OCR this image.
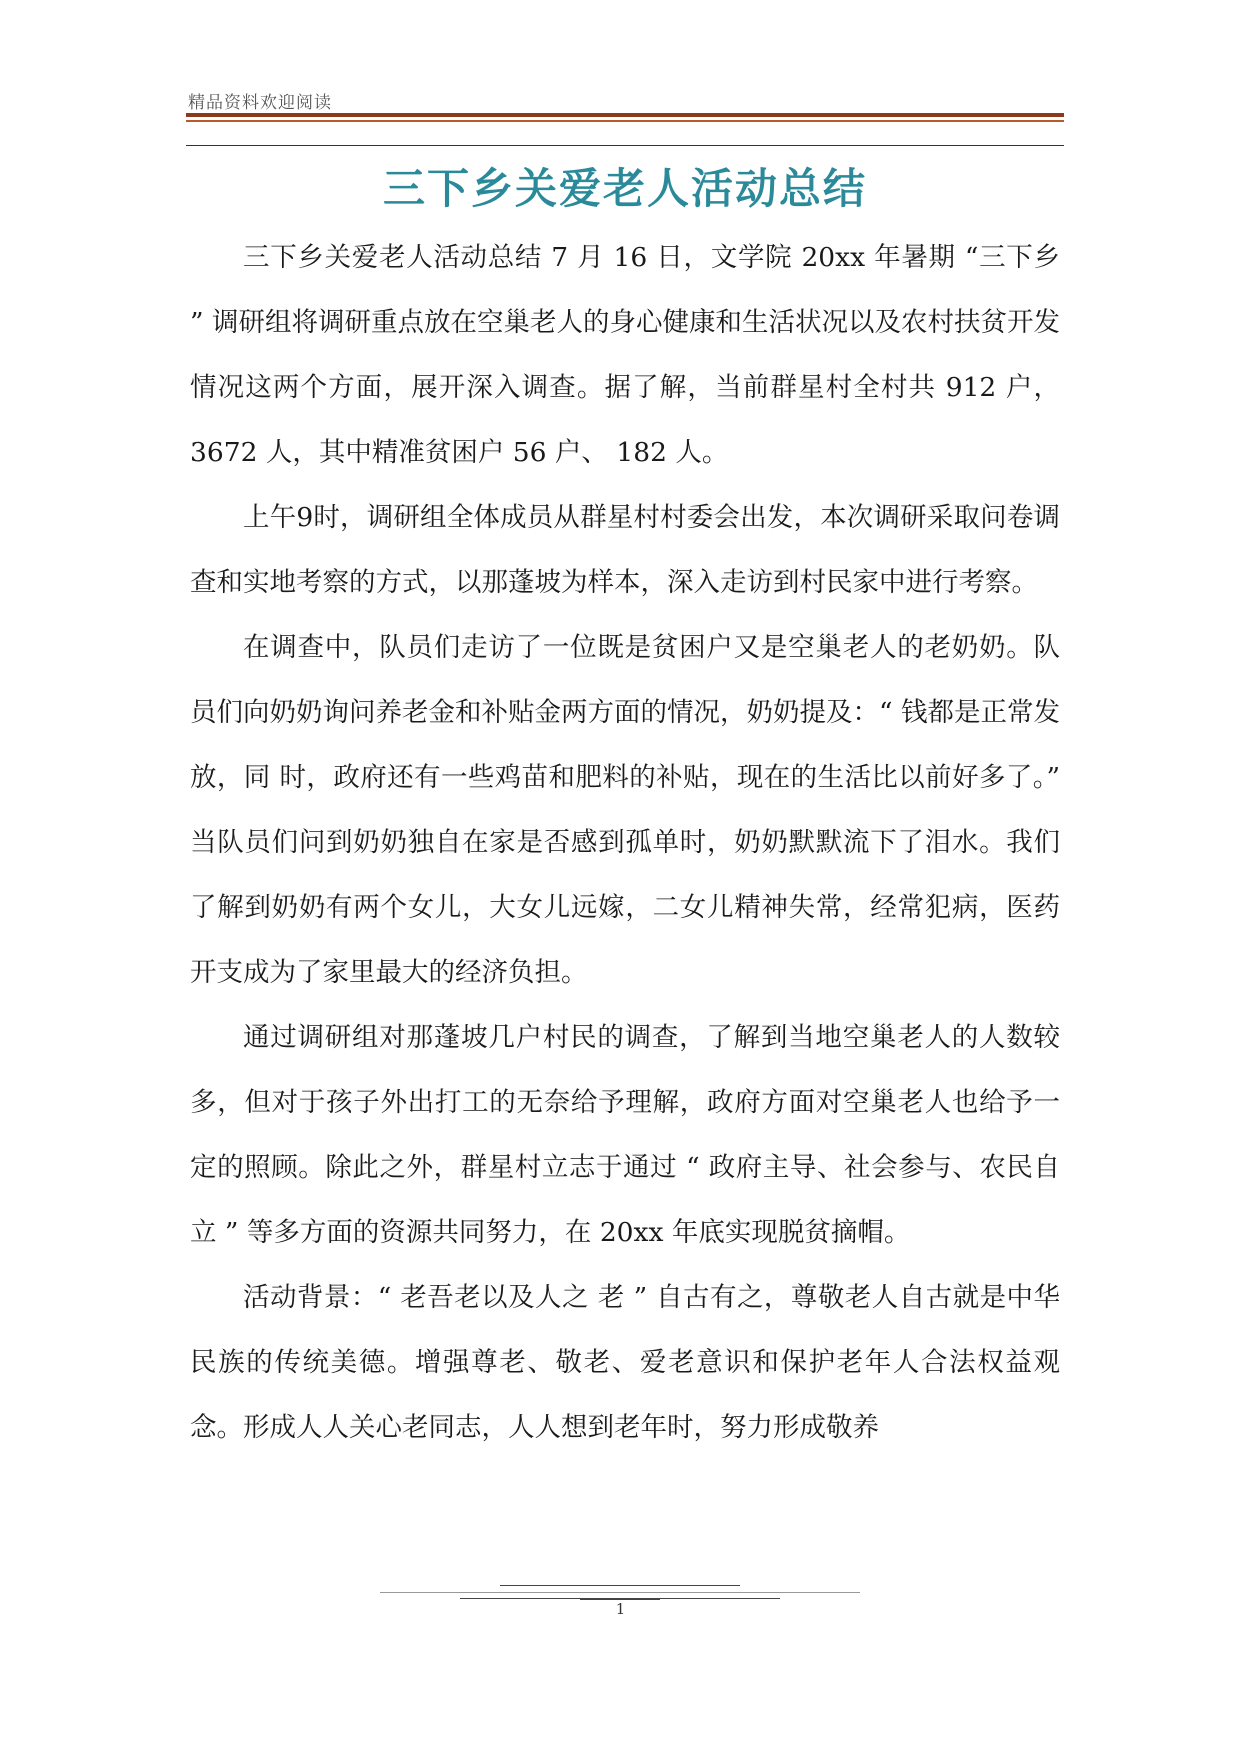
精品资料欢迎阅读
三下乡关爱老人活动总结

三下乡关爱老人活动总结 7 月 16 日，文学院 20xx 年暑期 “三下乡 ” 调研组将调研重点放在空巢老人的身心健康和生活状况以及农村扶贫开发情况这两个方面，展开深入调查。据了解，当前群星村全村共 912 户， 3672 人，其中精准贫困户 56 户、 182 人。

上午9时，调研组全体成员从群星村村委会出发，本次调研采取问卷调查和实地考察的方式，以那蓬坡为样本，深入走访到村民家中进行考察。

在调查中，队员们走访了一位既是贫困户又是空巢老人的老奶奶。队员们向奶奶询问养老金和补贴金两方面的情况，奶奶提及：“ 钱都是正常发放，同 时，政府还有一些鸡苗和肥料的补贴，现在的生活比以前好多了。” 当队员们问到奶奶独自在家是否感到孤单时，奶奶默默流下了泪水。我们了解到奶奶有两个女儿，大女儿远嫁，二女儿精神失常，经常犯病，医药开支成为了家里最大的经济负担。

通过调研组对那蓬坡几户村民的调查，了解到当地空巢老人的人数较多，但对于孩子外出打工的无奈给予理解，政府方面对空巢老人也给予一定的照顾。除此之外，群星村立志于通过 “ 政府主导、社会参与、农民自立 ” 等多方面的资源共同努力，在 20xx 年底实现脱贫摘帽。

活动背景：“ 老吾老以及人之 老 ” 自古有之，尊敬老人自古就是中华民族的传统美德。增强尊老、敬老、爱老意识和保护老年人合法权益观念。形成人人关心老同志，人人想到老年时，努力形成敬养

1
